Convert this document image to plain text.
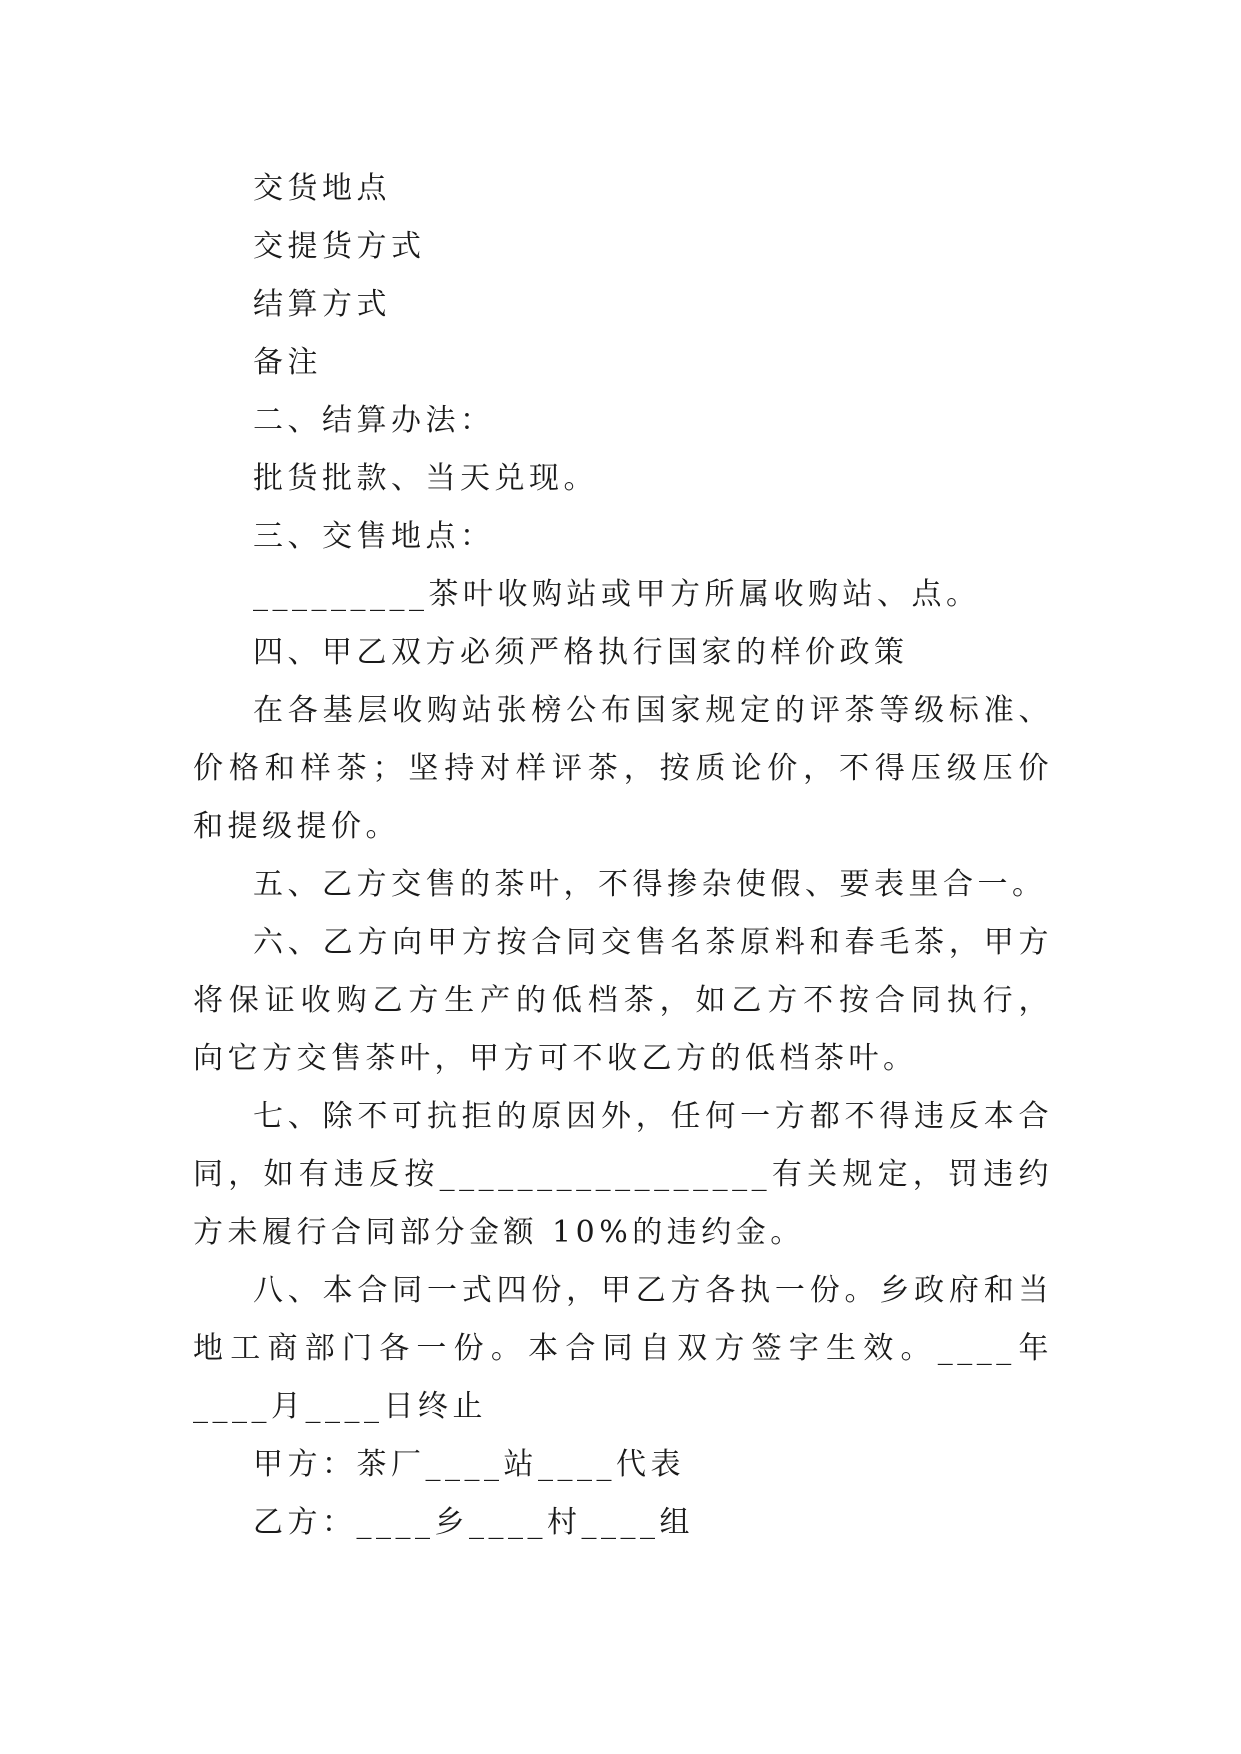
交货地点

交提货方式

结算方式

备注

二、结算办法：

批货批款、当天兑现。

三、交售地点：

_________茶叶收购站或甲方所属收购站、点。

四、甲乙双方必须严格执行国家的样价政策

在各基层收购站张榜公布国家规定的评茶等级标准、价格和样茶；坚持对样评茶，按质论价，不得压级压价和提级提价。

五、乙方交售的茶叶，不得掺杂使假、要表里合一。

六、乙方向甲方按合同交售名茶原料和春毛茶，甲方将保证收购乙方生产的低档茶，如乙方不按合同执行，向它方交售茶叶，甲方可不收乙方的低档茶叶。

七、除不可抗拒的原因外，任何一方都不得违反本合同，如有违反按_________________有关规定，罚违约方未履行合同部分金额 10%的违约金。

八、本合同一式四份，甲乙方各执一份。乡政府和当地工商部门各一份。本合同自双方签字生效。____年____月____日终止

甲方：茶厂____站____代表

乙方：____乡____村____组
